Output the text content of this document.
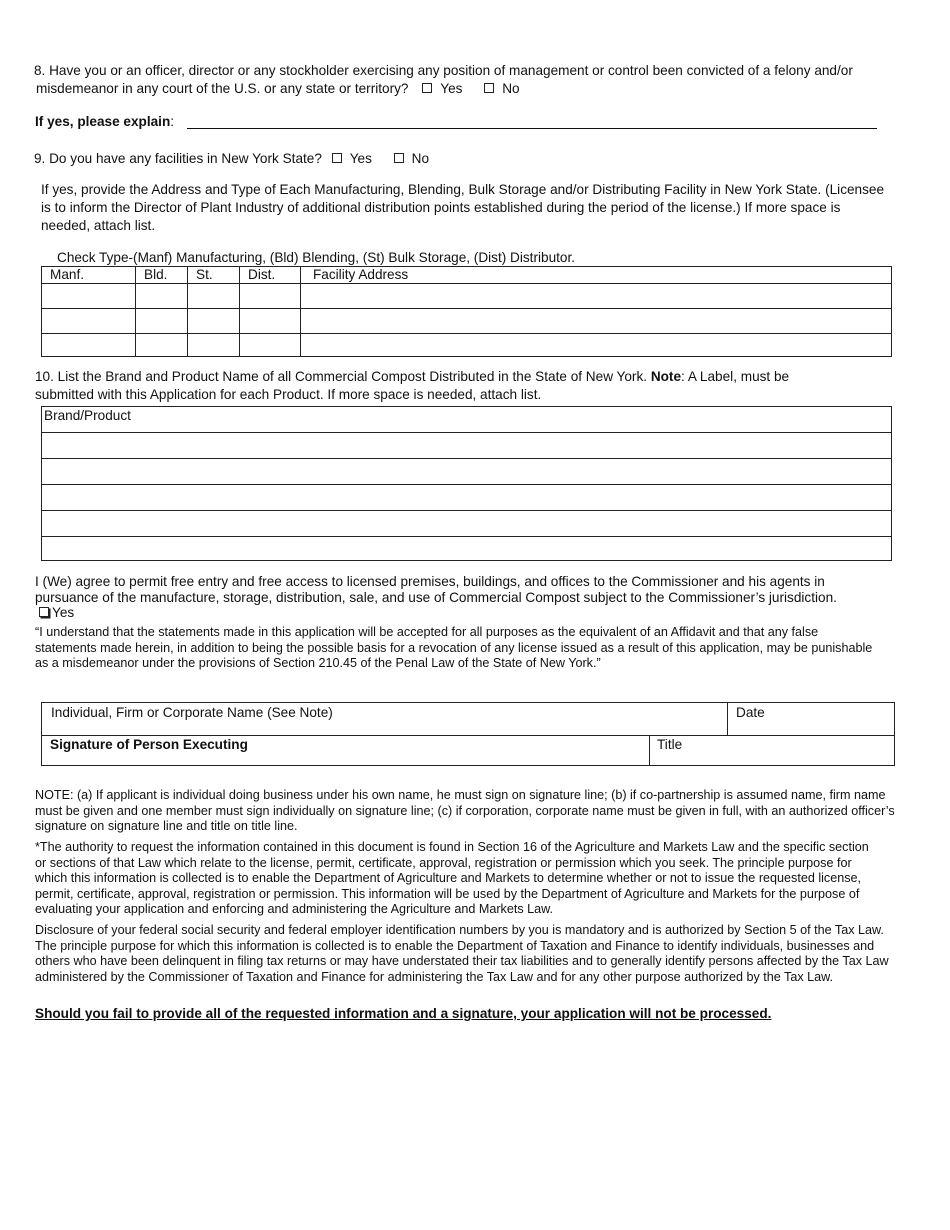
8. Have you or an officer, director or any stockholder exercising any position of management or control been convicted of a felony and/or
misdemeanor in any court of the U.S. or any state or territory? Yes	No
If yes, please explain:
9. Do you have any facilities in New York State? Yes	No
If yes, provide the Address and Type of Each Manufacturing, Blending, Bulk Storage and/or Distributing Facility in New York State. (Licensee is to inform the Director of Plant Industry of additional distribution points established during the period of the license.) If more space is needed, attach list.
Check Type-(Manf) Manufacturing, (Bld) Blending, (St) Bulk Storage, (Dist) Distributor.
Manf.	Bld.	St.	Dist.	Facility Address

10. List the Brand and Product Name of all Commercial Compost Distributed in the State of New York. Note: A Label, must be submitted with this Application for each Product. If more space is needed, attach list.
Brand/Product

I (We) agree to permit free entry and free access to licensed premises, buildings, and offices to the Commissioner and his agents in pursuance of the manufacture, storage, distribution, sale, and use of Commercial Compost subject to the Commissioner’s jurisdiction.
Yes
“I understand that the statements made in this application will be accepted for all purposes as the equivalent of an Affidavit and that any false statements made herein, in addition to being the possible basis for a revocation of any license issued as a result of this application, may be punishable as a misdemeanor under the provisions of Section 210.45 of the Penal Law of the State of New York.”
Individual, Firm or Corporate Name (See Note)	Date
Signature of Person Executing	Title
NOTE: (a) If applicant is individual doing business under his own name, he must sign on signature line; (b) if co-partnership is assumed name, firm name must be given and one member must sign individually on signature line; (c) if corporation, corporate name must be given in full, with an authorized officer’s signature on signature line and title on title line.
*The authority to request the information contained in this document is found in Section 16 of the Agriculture and Markets Law and the specific section or sections of that Law which relate to the license, permit, certificate, approval, registration or permission which you seek. The principle purpose for which this information is collected is to enable the Department of Agriculture and Markets to determine whether or not to issue the requested license, permit, certificate, approval, registration or permission. This information will be used by the Department of Agriculture and Markets for the purpose of evaluating your application and enforcing and administering the Agriculture and Markets Law.
Disclosure of your federal social security and federal employer identification numbers by you is mandatory and is authorized by Section 5 of the Tax Law. The principle purpose for which this information is collected is to enable the Department of Taxation and Finance to identify individuals, businesses and others who have been delinquent in filing tax returns or may have understated their tax liabilities and to generally identify persons affected by the Tax Law administered by the Commissioner of Taxation and Finance for administering the Tax Law and for any other purpose authorized by the Tax Law.
Should you fail to provide all of the requested information and a signature, your application will not be processed.
